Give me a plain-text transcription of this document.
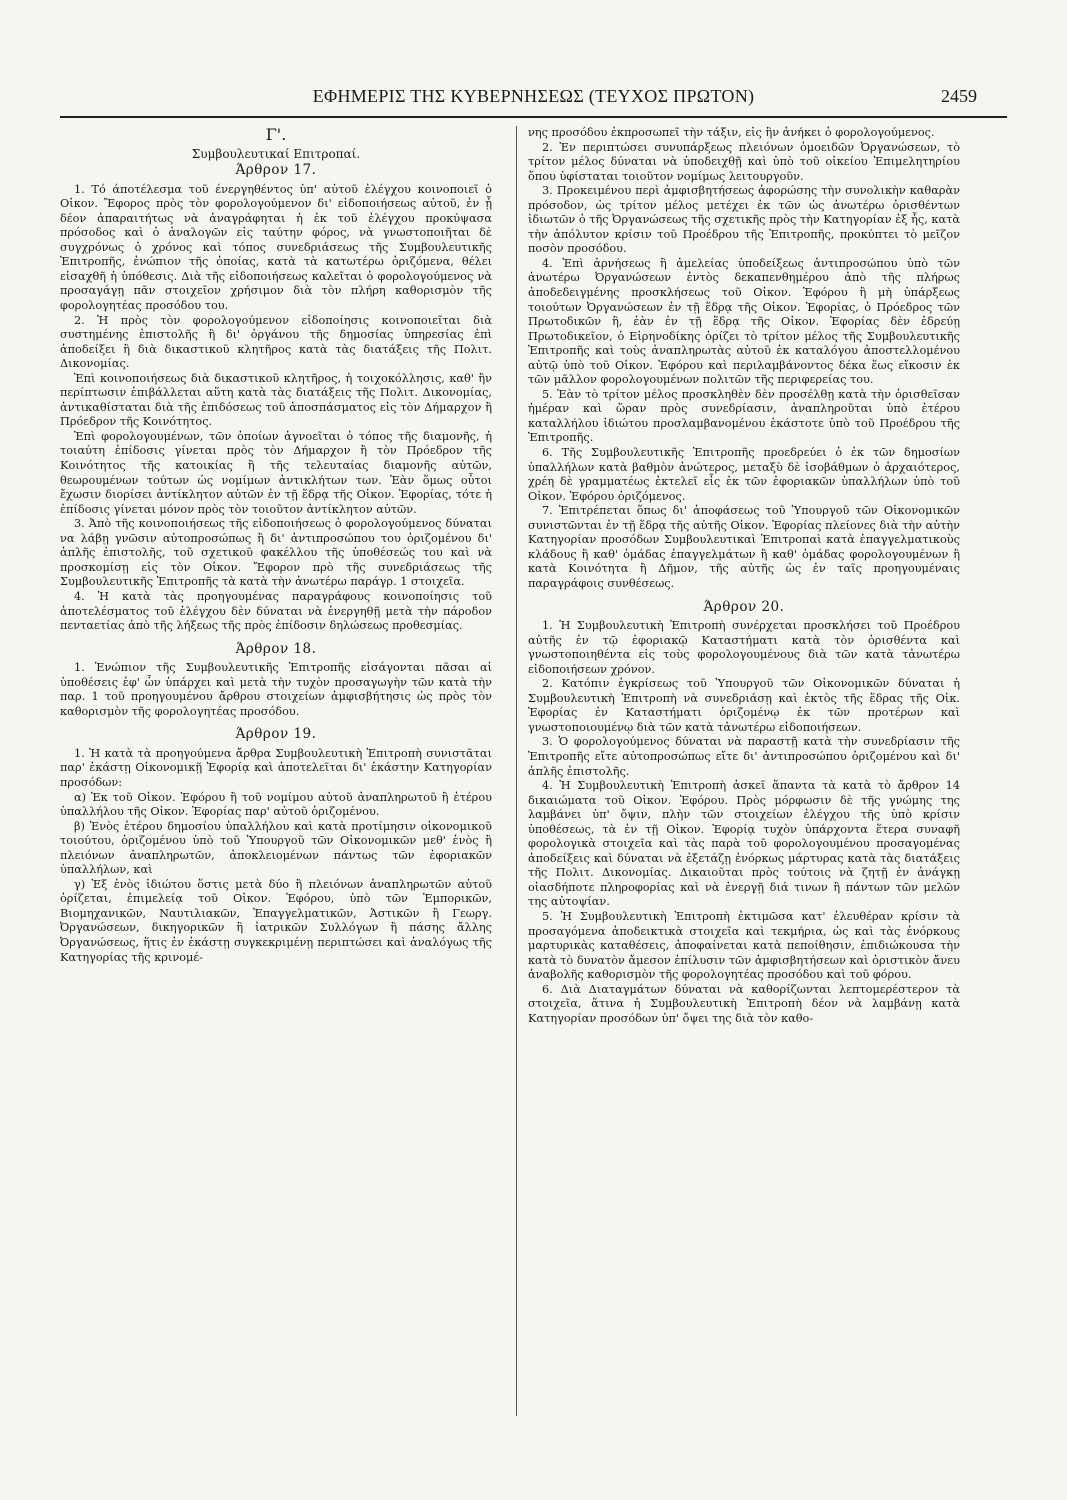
ΕΦΗΜΕΡΙΣ ΤΗΣ ΚΥΒΕΡΝΗΣΕΩΣ (ΤΕΥΧΟΣ ΠΡΩΤΟΝ)	2459
Γ'.
Συμβουλευτικαί Επιτροπαί.
Άρθρον 17.

1. Τό άποτέλεσμα τοῦ ένεργηθέντος ὑπ' αὐτοῦ ἐλέγχου κοινοποιεῖ ὁ Οἰκον. Ἔφορος πρὸς τὸν φορολογούμενον δι' εἰδοποιήσεως αὐτοῦ, ἐν ᾗ δέον ἀπαραιτήτως νὰ ἀναγράφηται ἡ ἐκ τοῦ ἐλέγχου προκύψασα πρόσοδος καὶ ὁ ἀναλογῶν εἰς ταύτην φόρος, νὰ γνωστοποιῆται δὲ συγχρόνως ὁ χρόνος καὶ τόπος συνεδριάσεως τῆς Συμβουλευτικῆς Ἐπιτροπῆς, ἐνώπιον τῆς ὁποίας, κατὰ τὰ κατωτέρω ὁριζόμενα, θέλει εἰσαχθῆ ἡ ὑπόθεσις. Διὰ τῆς εἰδοποιήσεως καλεῖται ὁ φορολογούμενος νὰ προσαγάγῃ πᾶν στοιχεῖον χρήσιμον διὰ τὸν πλήρη καθορισμὸν τῆς φορολογητέας προσόδου του.

2. Ἡ πρὸς τὸν φορολογούμενον εἰδοποίησις κοινοποιεῖται διὰ συστημένης ἐπιστολῆς ἢ δι' ὀργάνου τῆς δημοσίας ὑπηρεσίας ἐπὶ ἀποδείξει ἢ διὰ δικαστικοῦ κλητῆρος κατὰ τὰς διατάξεις τῆς Πολιτ. Δικονομίας.

Ἐπὶ κοινοποιήσεως διὰ δικαστικοῦ κλητῆρος, ἡ τοιχοκόλλησις, καθ' ἣν περίπτωσιν ἐπιβάλλεται αὕτη κατὰ τὰς διατάξεις τῆς Πολιτ. Δικονομίας, ἀντικαθίσταται διὰ τῆς ἐπιδόσεως τοῦ ἀποσπάσματος εἰς τὸν Δήμαρχον ἢ Πρόεδρον τῆς Κοινότητος.

Ἐπὶ φορολογουμένων, τῶν ὁποίων ἀγνοεῖται ὁ τόπος τῆς διαμονῆς, ἡ τοιαύτη ἐπίδοσις γίνεται πρὸς τὸν Δήμαρχον ἢ τὸν Πρόεδρον τῆς Κοινότητος τῆς κατοικίας ἢ τῆς τελευταίας διαμονῆς αὐτῶν, θεωρουμένων τούτων ὡς νομίμων ἀντικλήτων των. Ἐὰν ὅμως οὗτοι ἔχωσιν διορίσει ἀντίκλητον αὐτῶν ἐν τῇ ἕδρᾳ τῆς Οἰκον. Ἐφορίας, τότε ἡ ἐπίδοσις γίνεται μόνον πρὸς τὸν τοιοῦτον ἀντίκλητον αὐτῶν.

3. Ἀπὸ τῆς κοινοποιήσεως τῆς εἰδοποιήσεως ὁ φορολογούμενος δύναται να λάβῃ γνῶσιν αὐτοπροσώπως ἢ δι' ἀντιπροσώπου του ὁριζομένου δι' ἁπλῆς ἐπιστολῆς, τοῦ σχετικοῦ φακέλλου τῆς ὑποθέσεώς του καὶ νὰ προσκομίσῃ εἰς τὸν Οἰκον. Ἔφορον πρὸ τῆς συνεδριάσεως τῆς Συμβουλευτικῆς Ἐπιτροπῆς τὰ κατὰ τὴν ἀνωτέρω παράγρ. 1 στοιχεῖα.

4. Ἡ κατὰ τὰς προηγουμένας παραγράφους κοινοποίησις τοῦ ἀποτελέσματος τοῦ ἐλέγχου δὲν δύναται νὰ ἐνεργηθῇ μετὰ τὴν πάροδον πενταετίας ἀπὸ τῆς λήξεως τῆς πρὸς ἐπίδοσιν δηλώσεως προθεσμίας.

Άρθρον 18.

1. Ἐνώπιον τῆς Συμβουλευτικῆς Ἐπιτροπῆς εἰσάγονται πᾶσαι αἱ ὑποθέσεις ἐφ' ὧν ὑπάρχει καὶ μετὰ τὴν τυχὸν προσαγωγὴν τῶν κατὰ τὴν παρ. 1 τοῦ προηγουμένου ἄρθρου στοιχείων ἀμφισβήτησις ὡς πρὸς τὸν καθορισμὸν τῆς φορολογητέας προσόδου.

Άρθρον 19.

1. Ἡ κατὰ τὰ προηγούμενα ἄρθρα Συμβουλευτικὴ Ἐπιτροπὴ συνιστᾶται παρ' ἑκάστῃ Οἰκονομικῇ Ἐφορίᾳ καὶ ἀποτελεῖται δι' ἑκάστην Κατηγορίαν προσόδων:

α) Ἐκ τοῦ Οἰκον. Ἐφόρου ἢ τοῦ νομίμου αὐτοῦ ἀναπληρωτοῦ ἢ ἑτέρου ὑπαλλήλου τῆς Οἰκον. Ἐφορίας παρ' αὐτοῦ ὁριζομένου.

β) Ἑνὸς ἑτέρου δημοσίου ὑπαλλήλου καὶ κατὰ προτίμησιν οἰκονομικοῦ τοιούτου, ὁριζομένου ὑπὸ τοῦ Ὑπουργοῦ τῶν Οἰκονομικῶν μεθ' ἑνὸς ἢ πλειόνων ἀναπληρωτῶν, ἀποκλειομένων πάντως τῶν ἐφοριακῶν ὑπαλλήλων, καὶ

γ) Ἐξ ἑνὸς ἰδιώτου ὅστις μετὰ δύο ἢ πλειόνων ἀναπληρωτῶν αὐτοῦ ὁρίζεται, ἐπιμελείᾳ τοῦ Οἰκον. Ἐφόρου, ὑπὸ τῶν Ἐμπορικῶν, Βιομηχανικῶν, Ναυτιλιακῶν, Ἐπαγγελματικῶν, Ἀστικῶν ἢ Γεωργ. Ὀργανώσεων, δικηγορικῶν ἢ ἰατρικῶν Συλλόγων ἢ πάσης ἄλλης Ὀργανώσεως, ἥτις ἐν ἑκάστῃ συγκεκριμένῃ περιπτώσει καὶ ἀναλόγως τῆς Κατηγορίας τῆς κρινομέ-

νης προσόδου ἐκπροσωπεῖ τὴν τάξιν, εἰς ἣν ἀνήκει ὁ φορολογούμενος.

2. Ἐν περιπτώσει συνυπάρξεως πλειόνων ὁμοειδῶν Ὀργανώσεων, τὸ τρίτον μέλος δύναται νὰ ὑποδειχθῇ καὶ ὑπὸ τοῦ οἰκείου Ἐπιμελητηρίου ὅπου ὑφίσταται τοιοῦτον νομίμως λειτουργοῦν.

3. Προκειμένου περὶ ἀμφισβητήσεως ἀφορώσης τὴν συνολικὴν καθαρὰν πρόσοδον, ὡς τρίτον μέλος μετέχει ἐκ τῶν ὡς ἀνωτέρω ὁρισθέντων ἰδιωτῶν ὁ τῆς Ὀργανώσεως τῆς σχετικῆς πρὸς τὴν Κατηγορίαν ἐξ ἧς, κατὰ τὴν ἀπόλυτον κρίσιν τοῦ Προέδρου τῆς Ἐπιτροπῆς, προκύπτει τὸ μεῖζον ποσὸν προσόδου.

4. Ἐπὶ ἀρνήσεως ἢ ἀμελείας ὑποδείξεως ἀντιπροσώπου ὑπὸ τῶν ἀνωτέρω Ὀργανώσεων ἐντὸς δεκαπενθημέρου ἀπὸ τῆς πλήρως ἀποδεδειγμένης προσκλήσεως τοῦ Οἰκον. Ἐφόρου ἢ μὴ ὑπάρξεως τοιούτων Ὀργανώσεων ἐν τῇ ἕδρᾳ τῆς Οἰκον. Ἐφορίας, ὁ Πρόεδρος τῶν Πρωτοδικῶν ἢ, ἐὰν ἐν τῇ ἕδρᾳ τῆς Οἰκον. Ἐφορίας δὲν ἑδρεύῃ Πρωτοδικεῖον, ὁ Εἰρηνοδίκης ὁρίζει τὸ τρίτον μέλος τῆς Συμβουλευτικῆς Ἐπιτροπῆς καὶ τοὺς ἀναπληρωτὰς αὐτοῦ ἐκ καταλόγου ἀποστελλομένου αὐτῷ ὑπὸ τοῦ Οἰκον. Ἐφόρου καὶ περιλαμβάνοντος δέκα ἕως εἴκοσιν ἐκ τῶν μᾶλλον φορολογουμένων πολιτῶν τῆς περιφερείας του.

5. Ἐὰν τὸ τρίτον μέλος προσκληθὲν δὲν προσέλθῃ κατὰ τὴν ὁρισθεῖσαν ἡμέραν καὶ ὥραν πρὸς συνεδρίασιν, ἀναπληροῦται ὑπὸ ἑτέρου καταλλήλου ἰδιώτου προσλαμβανομένου ἑκάστοτε ὑπὸ τοῦ Προέδρου τῆς Ἐπιτροπῆς.

6. Τῆς Συμβουλευτικῆς Ἐπιτροπῆς προεδρεύει ὁ ἐκ τῶν δημοσίων ὑπαλλήλων κατὰ βαθμὸν ἀνώτερος, μεταξὺ δὲ ἰσοβάθμων ὁ ἀρχαιότερος, χρέη δὲ γραμματέως ἐκτελεῖ εἷς ἐκ τῶν ἐφοριακῶν ὑπαλλήλων ὑπὸ τοῦ Οἰκον. Ἐφόρου ὁριζόμενος.

7. Ἐπιτρέπεται ὅπως δι' ἀποφάσεως τοῦ Ὑπουργοῦ τῶν Οἰκονομικῶν συνιστῶνται ἐν τῇ ἕδρᾳ τῆς αὐτῆς Οἰκον. Ἐφορίας πλείονες διὰ τὴν αὐτὴν Κατηγορίαν προσόδων Συμβουλευτικαὶ Ἐπιτροπαὶ κατὰ ἐπαγγελματικοὺς κλάδους ἢ καθ' ὁμάδας ἐπαγγελμάτων ἢ καθ' ὁμάδας φορολογουμένων ἢ κατὰ Κοινότητα ἢ Δῆμον, τῆς αὐτῆς ὡς ἐν ταῖς προηγουμέναις παραγράφοις συνθέσεως.

Άρθρον 20.

1. Ἡ Συμβουλευτικὴ Ἐπιτροπὴ συνέρχεται προσκλήσει τοῦ Προέδρου αὐτῆς ἐν τῷ ἐφοριακῷ Καταστήματι κατὰ τὸν ὁρισθέντα καὶ γνωστοποιηθέντα εἰς τοὺς φορολογουμένους διὰ τῶν κατὰ τἀνωτέρω εἰδοποιήσεων χρόνον.

2. Κατόπιν ἐγκρίσεως τοῦ Ὑπουργοῦ τῶν Οἰκονομικῶν δύναται ἡ Συμβουλευτικὴ Ἐπιτροπὴ νὰ συνεδριάσῃ καὶ ἐκτὸς τῆς ἕδρας τῆς Οἰκ. Ἐφορίας ἐν Καταστήματι ὁριζομένῳ ἐκ τῶν προτέρων καὶ γνωστοποιουμένῳ διὰ τῶν κατὰ τἀνωτέρω εἰδοποιήσεων.

3. Ὁ φορολογούμενος δύναται νὰ παραστῇ κατὰ τὴν συνεδρίασιν τῆς Ἐπιτροπῆς εἴτε αὐτοπροσώπως εἴτε δι' ἀντιπροσώπου ὁριζομένου καὶ δι' ἁπλῆς ἐπιστολῆς.

4. Ἡ Συμβουλευτικὴ Ἐπιτροπὴ ἀσκεῖ ἅπαντα τὰ κατὰ τὸ ἄρθρον 14 δικαιώματα τοῦ Οἰκον. Ἐφόρου. Πρὸς μόρφωσιν δὲ τῆς γνώμης της λαμβάνει ὑπ' ὄψιν, πλὴν τῶν στοιχείων ἐλέγχου τῆς ὑπὸ κρίσιν ὑποθέσεως, τὰ ἐν τῇ Οἰκον. Ἐφορίᾳ τυχὸν ὑπάρχοντα ἕτερα συναφῆ φορολογικὰ στοιχεῖα καὶ τὰς παρὰ τοῦ φορολογουμένου προσαγομένας ἀποδείξεις καὶ δύναται νὰ ἐξετάζῃ ἐνόρκως μάρτυρας κατὰ τὰς διατάξεις τῆς Πολιτ. Δικονομίας. Δικαιοῦται πρὸς τούτοις νὰ ζητῇ ἐν ἀνάγκῃ οἱασδήποτε πληροφορίας καὶ νὰ ἐνεργῇ διά τινων ἢ πάντων τῶν μελῶν της αὐτοψίαν.

5. Ἡ Συμβουλευτικὴ Ἐπιτροπὴ ἐκτιμῶσα κατ' ἐλευθέραν κρίσιν τὰ προσαγόμενα ἀποδεικτικὰ στοιχεῖα καὶ τεκμήρια, ὡς καὶ τὰς ἐνόρκους μαρτυρικὰς καταθέσεις, ἀποφαίνεται κατὰ πεποίθησιν, ἐπιδιώκουσα τὴν κατὰ τὸ δυνατὸν ἄμεσον ἐπίλυσιν τῶν ἀμφισβητήσεων καὶ ὁριστικὸν ἄνευ ἀναβολῆς καθορισμὸν τῆς φορολογητέας προσόδου καὶ τοῦ φόρου.

6. Διὰ Διαταγμάτων δύναται νὰ καθορίζωνται λεπτομερέστερον τὰ στοιχεῖα, ἅτινα ἡ Συμβουλευτικὴ Ἐπιτροπὴ δέον νὰ λαμβάνῃ κατὰ Κατηγορίαν προσόδων ὑπ' ὄψει της διὰ τὸν καθο-
